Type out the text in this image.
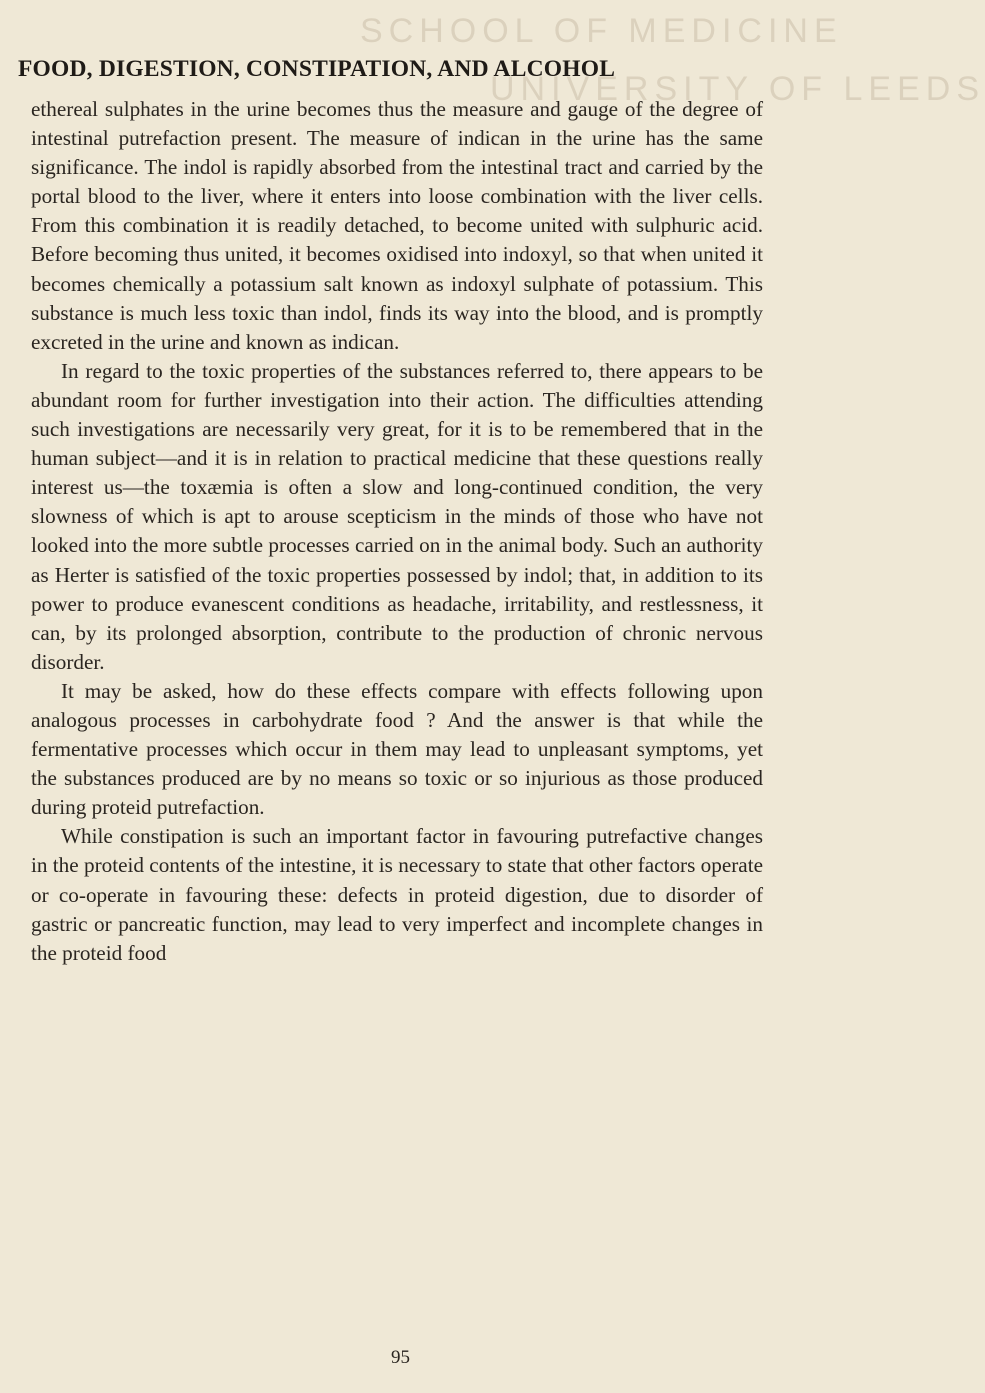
SCHOOL OF MEDICINE
UNIVERSITY OF LEEDS
FOOD, DIGESTION, CONSTIPATION, AND ALCOHOL

ethereal sulphates in the urine becomes thus the measure and gauge of the degree of intestinal putrefaction present. The measure of indican in the urine has the same significance. The indol is rapidly absorbed from the intestinal tract and carried by the portal blood to the liver, where it enters into loose combination with the liver cells. From this combination it is readily detached, to become united with sulphuric acid. Before becoming thus united, it becomes oxidised into indoxyl, so that when united it becomes chemically a potassium salt known as indoxyl sulphate of potassium. This substance is much less toxic than indol, finds its way into the blood, and is promptly excreted in the urine and known as indican.

In regard to the toxic properties of the substances referred to, there appears to be abundant room for further investigation into their action. The difficulties attending such investigations are necessarily very great, for it is to be remembered that in the human subject—and it is in relation to practical medicine that these questions really interest us—the toxæmia is often a slow and long-continued condition, the very slowness of which is apt to arouse scepticism in the minds of those who have not looked into the more subtle processes carried on in the animal body. Such an authority as Herter is satisfied of the toxic properties possessed by indol; that, in addition to its power to produce evanescent conditions as headache, irritability, and restlessness, it can, by its prolonged absorption, contribute to the production of chronic nervous disorder.

It may be asked, how do these effects compare with effects following upon analogous processes in carbohydrate food ? And the answer is that while the fermentative processes which occur in them may lead to unpleasant symptoms, yet the substances produced are by no means so toxic or so injurious as those produced during proteid putrefaction.

While constipation is such an important factor in favouring putrefactive changes in the proteid contents of the intestine, it is necessary to state that other factors operate or co-operate in favouring these: defects in proteid digestion, due to disorder of gastric or pancreatic function, may lead to very imperfect and incomplete changes in the proteid food

95
